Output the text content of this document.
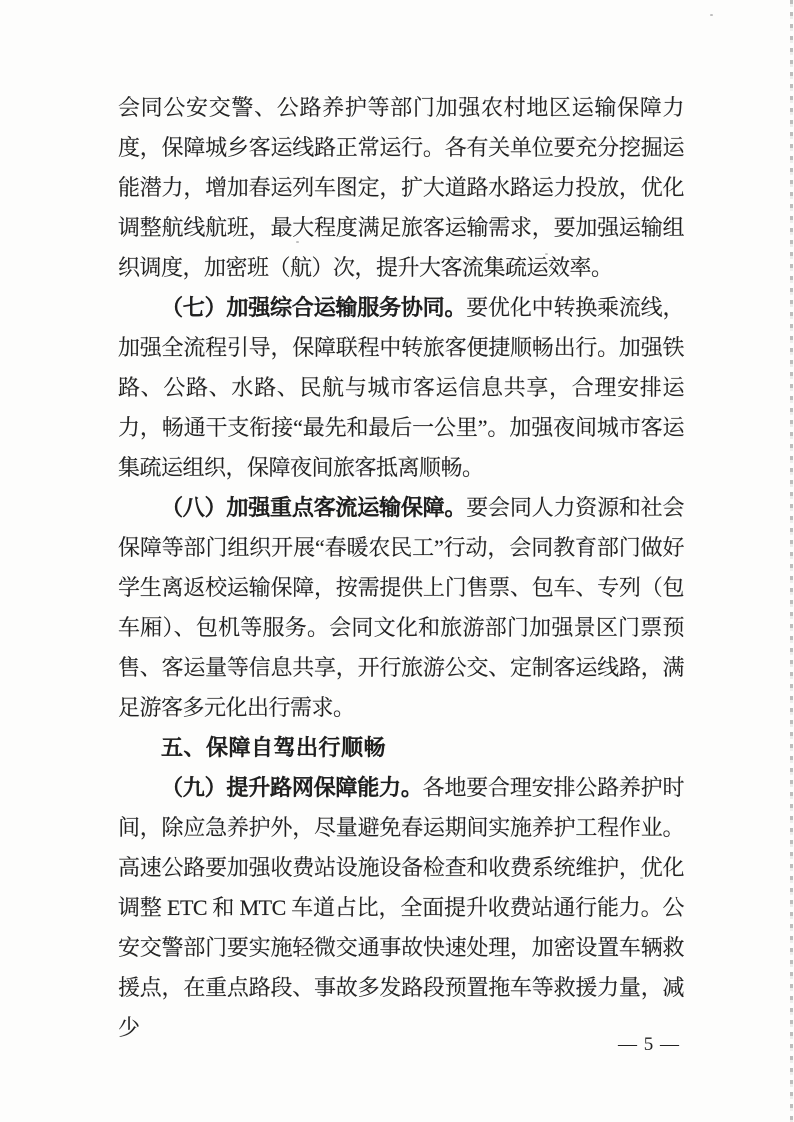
会同公安交警、公路养护等部门加强农村地区运输保障力度，保障城乡客运线路正常运行。各有关单位要充分挖掘运能潜力，增加春运列车图定，扩大道路水路运力投放，优化调整航线航班，最大程度满足旅客运输需求，要加强运输组织调度，加密班（航）次，提升大客流集疏运效率。

（七）加强综合运输服务协同。要优化中转换乘流线，加强全流程引导，保障联程中转旅客便捷顺畅出行。加强铁路、公路、水路、民航与城市客运信息共享，合理安排运力，畅通干支衔接“最先和最后一公里”。加强夜间城市客运集疏运组织，保障夜间旅客抵离顺畅。

（八）加强重点客流运输保障。要会同人力资源和社会保障等部门组织开展“春暖农民工”行动，会同教育部门做好学生离返校运输保障，按需提供上门售票、包车、专列（包车厢）、包机等服务。会同文化和旅游部门加强景区门票预售、客运量等信息共享，开行旅游公交、定制客运线路，满足游客多元化出行需求。

五、保障自驾出行顺畅

（九）提升路网保障能力。各地要合理安排公路养护时间，除应急养护外，尽量避免春运期间实施养护工程作业。高速公路要加强收费站设施设备检查和收费系统维护，优化调整 ETC 和 MTC 车道占比，全面提升收费站通行能力。公安交警部门要实施轻微交通事故快速处理，加密设置车辆救援点，在重点路段、事故多发路段预置拖车等救援力量，减少

— 5 —
